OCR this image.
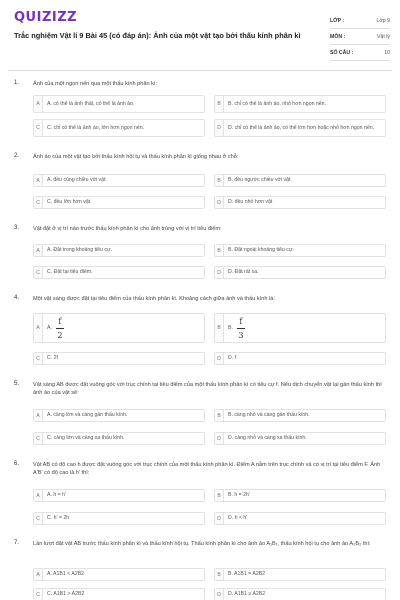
QUIZIZZ
Trắc nghiệm Vật lí 9 Bài 45 (có đáp án): Ảnh của một vật tạo bởi thấu kính phân kì
LỚP :	Lớp 9
MÔN :	Vật lý
SỐ CÂU :	10
1. Ảnh của một ngọn nến qua một thấu kính phân kì:
A	A. có thể là ảnh thật, có thể là ảnh ảo.	B	B. chỉ có thể là ảnh ảo, nhỏ hơn ngọn nến.
C	C. chỉ có thể là ảnh ảo, lớn hơn ngọn nến.	D	D. chỉ có thể là ảnh ảo, có thể lớn hơn hoặc nhỏ hơn ngọn nến.
2. Ảnh ảo của một vật tạo bởi thấu kính hội tụ và thấu kính phân kì giống nhau ở chỗ:
A	A. đều cùng chiều với vật	B	B. đều ngược chiều với vật
C	C. đều lớn hơn vật	D	D. đều nhỏ hơn vật
3. Vật đặt ở vị trí nào trước thấu kính phân kì cho ảnh trùng với vị trí tiêu điểm:
A	A. Đặt trong khoảng tiêu cự.	B	B. Đặt ngoài khoảng tiêu cự.
C	C. Đặt tại tiêu điểm.	D	D. Đặt rất xa.
4. Một vật sáng được đặt tại tiêu điểm của thấu kính phân kì. Khoảng cách giữa ảnh và thấu kính là:
A	A. $\frac{f}{2}$	B	B. $\frac{f}{3}$
C	C. 2f	D	D. f
5. Vật sáng AB được đặt vuông góc với trục chính tại tiêu điểm của một thấu kính phân kì có tiêu cự f. Nếu dịch chuyển vật lại gần thấu kính thì ảnh ảo của vật sẽ:
A	A. càng lớn và càng gần thấu kính.	B	B. càng nhỏ và càng gần thấu kính.
C	C. càng lớn và càng xa thấu kính.	D	D. càng nhỏ và càng xa thấu kính.
6. Vật AB có độ cao h được đặt vuông góc với trục chính của một thấu kính phân kì. Điểm A nằm trên trục chính và có vị trí tại tiêu điểm F. Ảnh A'B' có độ cao là h' thì:
A	A. h = h'	B	B. h = 2h'
C	C. h' = 2h	D	D. h < h'
7. Lần lượt đặt vật AB trước thấu kính phân kì và thấu kính hội tụ. Thấu kính phân kì cho ảnh ảo A₁B₁, thấu kính hội tụ cho ảnh ảo A₂B₂ thì:
A	A. A1B1 < A2B2	B	B. A1B1 = A2B2
C	C. A1B1 > A2B2	D	D. A1B1 ≥ A2B2
